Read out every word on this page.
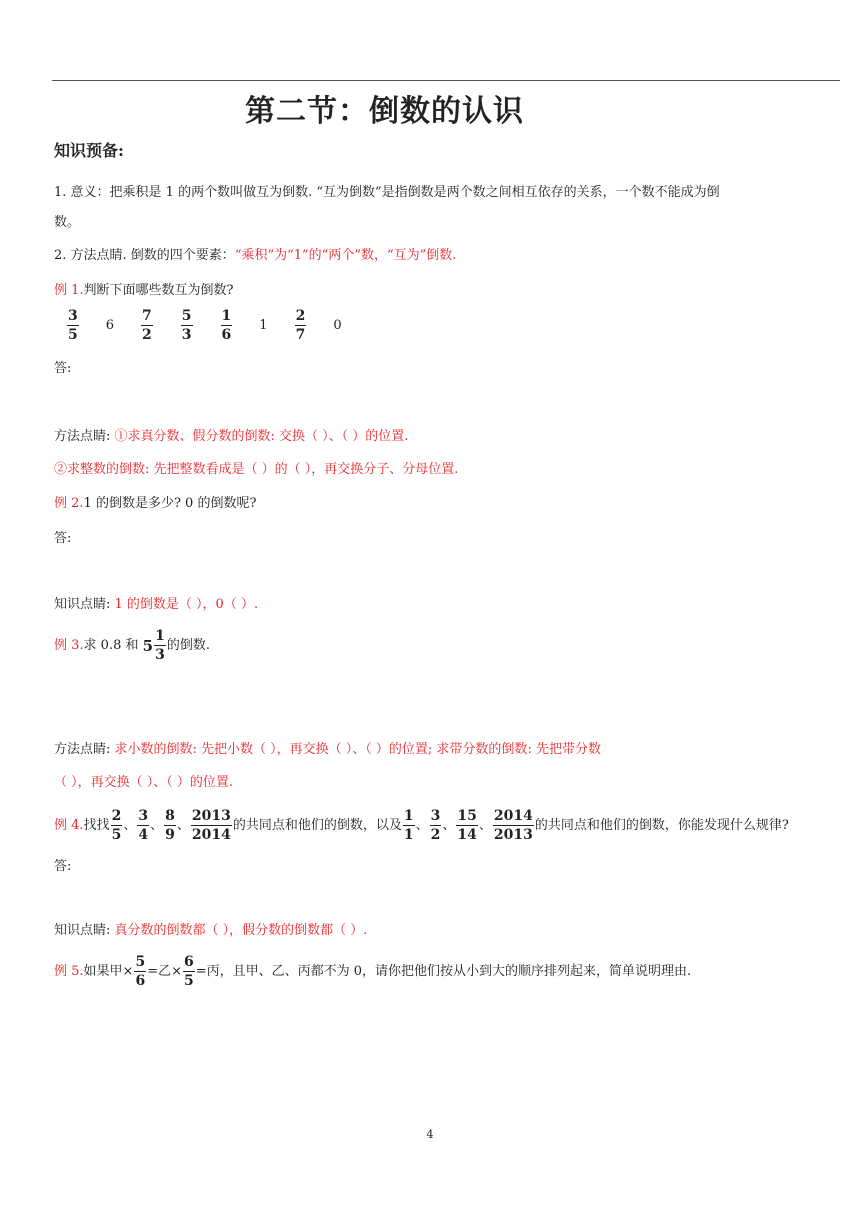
第二节：倒数的认识
知识预备:
1. 意义：把乘积是 1 的两个数叫做互为倒数. “互为倒数”是指倒数是两个数之间相互依存的关系，一个数不能成为倒
数。
2. 方法点睛. 倒数的四个要素：“乘积”为“1”的“两个”数，“互为”倒数.
例 1.判断下面哪些数互为倒数?
$\frac{3}{5} 6 \frac{7}{2} \frac{5}{3} \frac{1}{6} 1 \frac{2}{7} 0$
答:
方法点睛: ①求真分数、假分数的倒数: 交换（ ）、（ ）的位置.
②求整数的倒数: 先把整数看成是（ ）的（ ），再交换分子、分母位置.
例 2.1 的倒数是多少? 0 的倒数呢?
答:
知识点睛: 1 的倒数是（ ），0（ ）.
例 3.求 0.8 和 $5 \frac{1}{3}$ 的倒数.
方法点睛: 求小数的倒数: 先把小数（ ），再交换（ ）、（ ）的位置; 求带分数的倒数: 先把带分数
（ ），再交换（ ）、（ ）的位置.
例 4.找找 $\frac{2}{5}$ 、 $\frac{3}{4}$ 、 $\frac{8}{9}$ 、 $\frac{2013}{2014}$ 的共同点和他们的倒数，以及 $\frac{1}{1}$ 、 $\frac{3}{2}$ 、 $\frac{15}{14}$ 、 $\frac{2014}{2013}$ 的共同点和他们的倒数，你能发现什么规律?
答:
知识点睛: 真分数的倒数都（ ），假分数的倒数都（ ）.
例 5.如果甲× $\frac{5}{6}$ =乙× $\frac{6}{5}$ =丙，且甲、乙、丙都不为 0，请你把他们按从小到大的顺序排列起来，简单说明理由.
4
